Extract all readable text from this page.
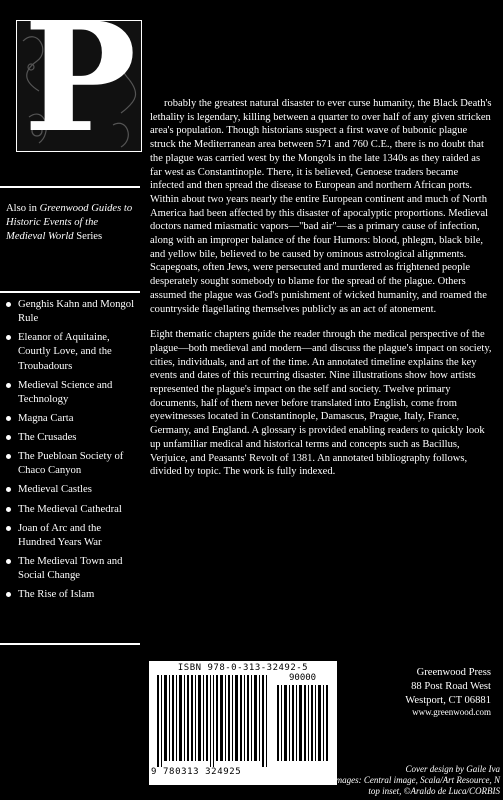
P
Also in Greenwood Guides to Historic Events of the Medieval World Series
Genghis Kahn and Mongol Rule
Eleanor of Aquitaine, Courtly Love, and the Troubadours
Medieval Science and Technology
Magna Carta
The Crusades
The Puebloan Society of Chaco Canyon
Medieval Castles
The Medieval Cathedral
Joan of Arc and the Hundred Years War
The Medieval Town and Social Change
The Rise of Islam

robably the greatest natural disaster to ever curse humanity, the Black Death's lethality is legendary, killing between a quarter to over half of any given stricken area's population. Though historians suspect a first wave of bubonic plague struck the Mediterranean area between 571 and 760 C.E., there is no doubt that the plague was carried west by the Mongols in the late 1340s as they raided as far west as Constantinople. There, it is believed, Genoese traders became infected and then spread the disease to European and northern African ports. Within about two years nearly the entire European continent and much of North America had been affected by this disaster of apocalyptic proportions. Medieval doctors named miasmatic vapors—"bad air"—as a primary cause of infection, along with an improper balance of the four Humors: blood, phlegm, black bile, and yellow bile, believed to be caused by ominous astrological alignments. Scapegoats, often Jews, were persecuted and murdered as frightened people desperately sought somebody to blame for the spread of the plague. Others assumed the plague was God's punishment of wicked humanity, and roamed the countryside flagellating themselves publicly as an act of atonement.

Eight thematic chapters guide the reader through the medical perspective of the plague—both medieval and modern—and discuss the plague's impact on society, cities, individuals, and art of the time. An annotated timeline explains the key events and dates of this recurring disaster. Nine illustrations show how artists represented the plague's impact on the self and society. Twelve primary documents, half of them never before translated into English, come from eyewitnesses located in Constantinople, Damascus, Prague, Italy, France, Germany, and England. A glossary is provided enabling readers to quickly look up unfamiliar medical and historical terms and concepts such as Bacillus, Verjuice, and Peasants' Revolt of 1381. An annotated bibliography follows, divided by topic. The work is fully indexed.

ISBN 978-0-313-32492-5
90000
9 780313 324925
Greenwood Press
88 Post Road West
Westport, CT 06881
www.greenwood.com
Cover design by Gaile Iva
Cover images: Central image, Scala/Art Resource, N
top inset, ©Araldo de Luca/CORBIS
